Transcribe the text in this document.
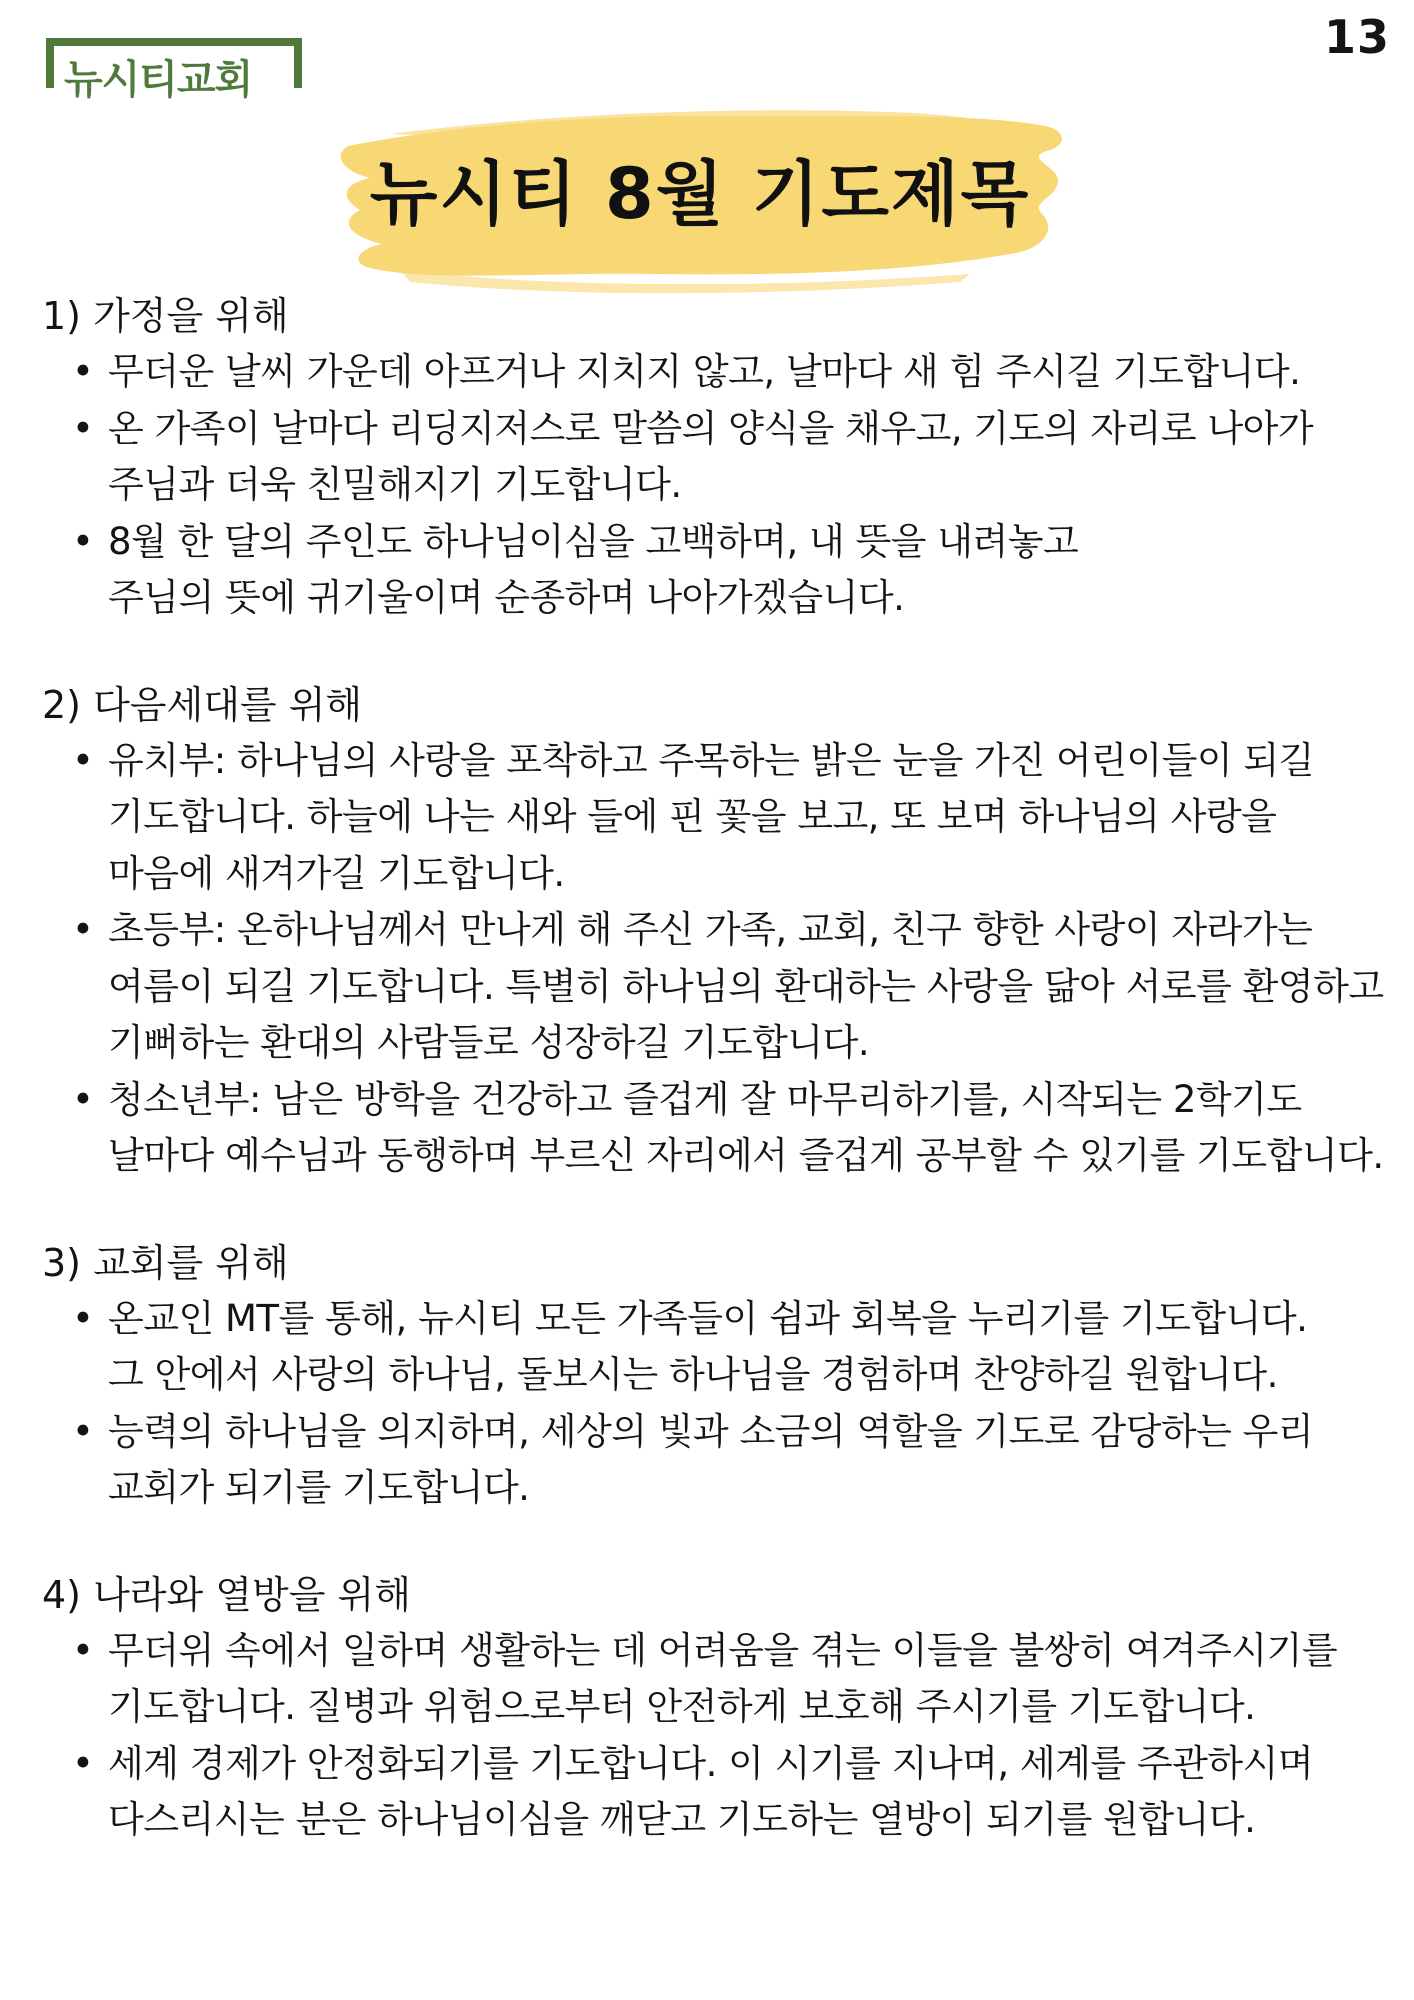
13
뉴시티교회
뉴시티 8월 기도제목
1) 가정을 위해
• 무더운 날씨 가운데 아프거나 지치지 않고, 날마다 새 힘 주시길 기도합니다.
• 온 가족이 날마다 리딩지저스로 말씀의 양식을 채우고, 기도의 자리로 나아가
주님과 더욱 친밀해지기 기도합니다.
• 8월 한 달의 주인도 하나님이심을 고백하며, 내 뜻을 내려놓고
주님의 뜻에 귀기울이며 순종하며 나아가겠습니다.
2) 다음세대를 위해
• 유치부: 하나님의 사랑을 포착하고 주목하는 밝은 눈을 가진 어린이들이 되길
기도합니다. 하늘에 나는 새와 들에 핀 꽃을 보고, 또 보며 하나님의 사랑을
마음에 새겨가길 기도합니다.
• 초등부: 온하나님께서 만나게 해 주신 가족, 교회, 친구 향한 사랑이 자라가는
여름이 되길 기도합니다. 특별히 하나님의 환대하는 사랑을 닮아 서로를 환영하고
기뻐하는 환대의 사람들로 성장하길 기도합니다.
• 청소년부: 남은 방학을 건강하고 즐겁게 잘 마무리하기를, 시작되는 2학기도
날마다 예수님과 동행하며 부르신 자리에서 즐겁게 공부할 수 있기를 기도합니다.
3) 교회를 위해
• 온교인 MT를 통해, 뉴시티 모든 가족들이 쉼과 회복을 누리기를 기도합니다.
그 안에서 사랑의 하나님, 돌보시는 하나님을 경험하며 찬양하길 원합니다.
• 능력의 하나님을 의지하며, 세상의 빛과 소금의 역할을 기도로 감당하는 우리
교회가 되기를 기도합니다.
4) 나라와 열방을 위해
• 무더위 속에서 일하며 생활하는 데 어려움을 겪는 이들을 불쌍히 여겨주시기를
기도합니다. 질병과 위험으로부터 안전하게 보호해 주시기를 기도합니다.
• 세계 경제가 안정화되기를 기도합니다. 이 시기를 지나며, 세계를 주관하시며
다스리시는 분은 하나님이심을 깨닫고 기도하는 열방이 되기를 원합니다.
